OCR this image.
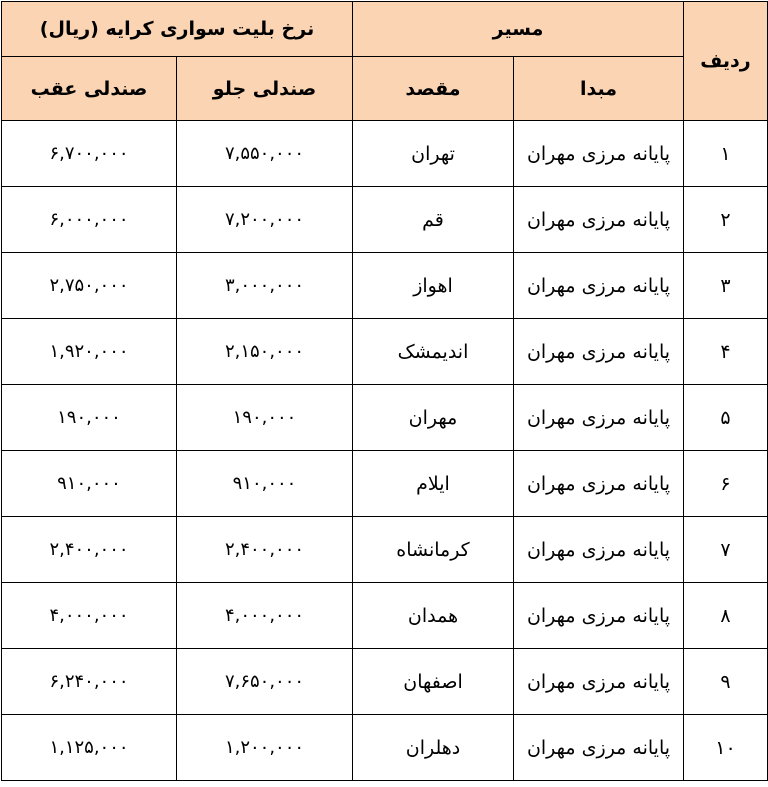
ردیف	مسیر		نرخ بلیت سواری کرایه (ریال)	
	مبدا	مقصد	صندلی جلو	صندلی عقب
۱	پایانه مرزی مهران	تهران	۷,۵۵۰,۰۰۰	۶,۷۰۰,۰۰۰
۲	پایانه مرزی مهران	قم	۷,۲۰۰,۰۰۰	۶,۰۰۰,۰۰۰
۳	پایانه مرزی مهران	اهواز	۳,۰۰۰,۰۰۰	۲,۷۵۰,۰۰۰
۴	پایانه مرزی مهران	اندیمشک	۲,۱۵۰,۰۰۰	۱,۹۲۰,۰۰۰
۵	پایانه مرزی مهران	مهران	۱۹۰,۰۰۰	۱۹۰,۰۰۰
۶	پایانه مرزی مهران	ایلام	۹۱۰,۰۰۰	۹۱۰,۰۰۰
۷	پایانه مرزی مهران	کرمانشاه	۲,۴۰۰,۰۰۰	۲,۴۰۰,۰۰۰
۸	پایانه مرزی مهران	همدان	۴,۰۰۰,۰۰۰	۴,۰۰۰,۰۰۰
۹	پایانه مرزی مهران	اصفهان	۷,۶۵۰,۰۰۰	۶,۲۴۰,۰۰۰
۱۰	پایانه مرزی مهران	دهلران	۱,۲۰۰,۰۰۰	۱,۱۲۵,۰۰۰
